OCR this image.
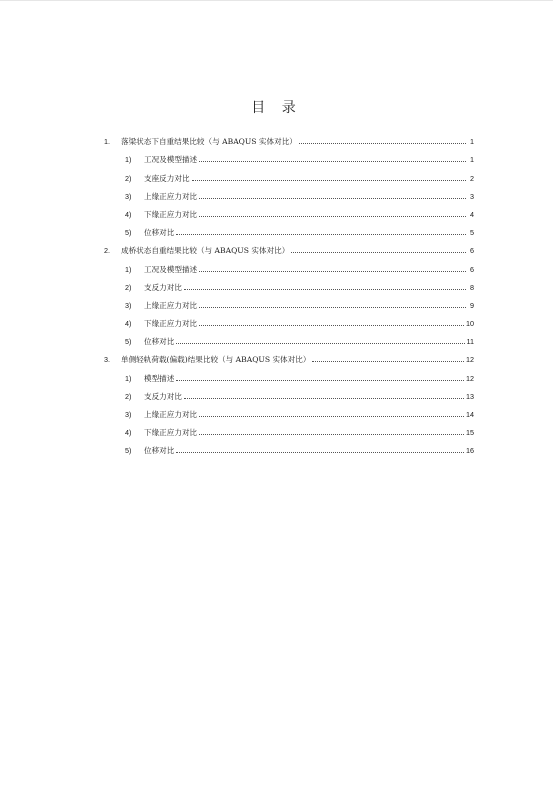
目 录
1.	落梁状态下自重结果比较（与 ABAQUS 实体对比）	1
1)	工况及模型描述	1
2)	支座反力对比	2
3)	上缘正应力对比	3
4)	下缘正应力对比	4
5)	位移对比	5
2.	成桥状态自重结果比较（与 ABAQUS 实体对比）	6
1)	工况及模型描述	6
2)	支反力对比	8
3)	上缘正应力对比	9
4)	下缘正应力对比	10
5)	位移对比	11
3.	单侧轻轨荷载(偏载)结果比较（与 ABAQUS 实体对比）	12
1)	模型描述	12
2)	支反力对比	13
3)	上缘正应力对比	14
4)	下缘正应力对比	15
5)	位移对比	16
